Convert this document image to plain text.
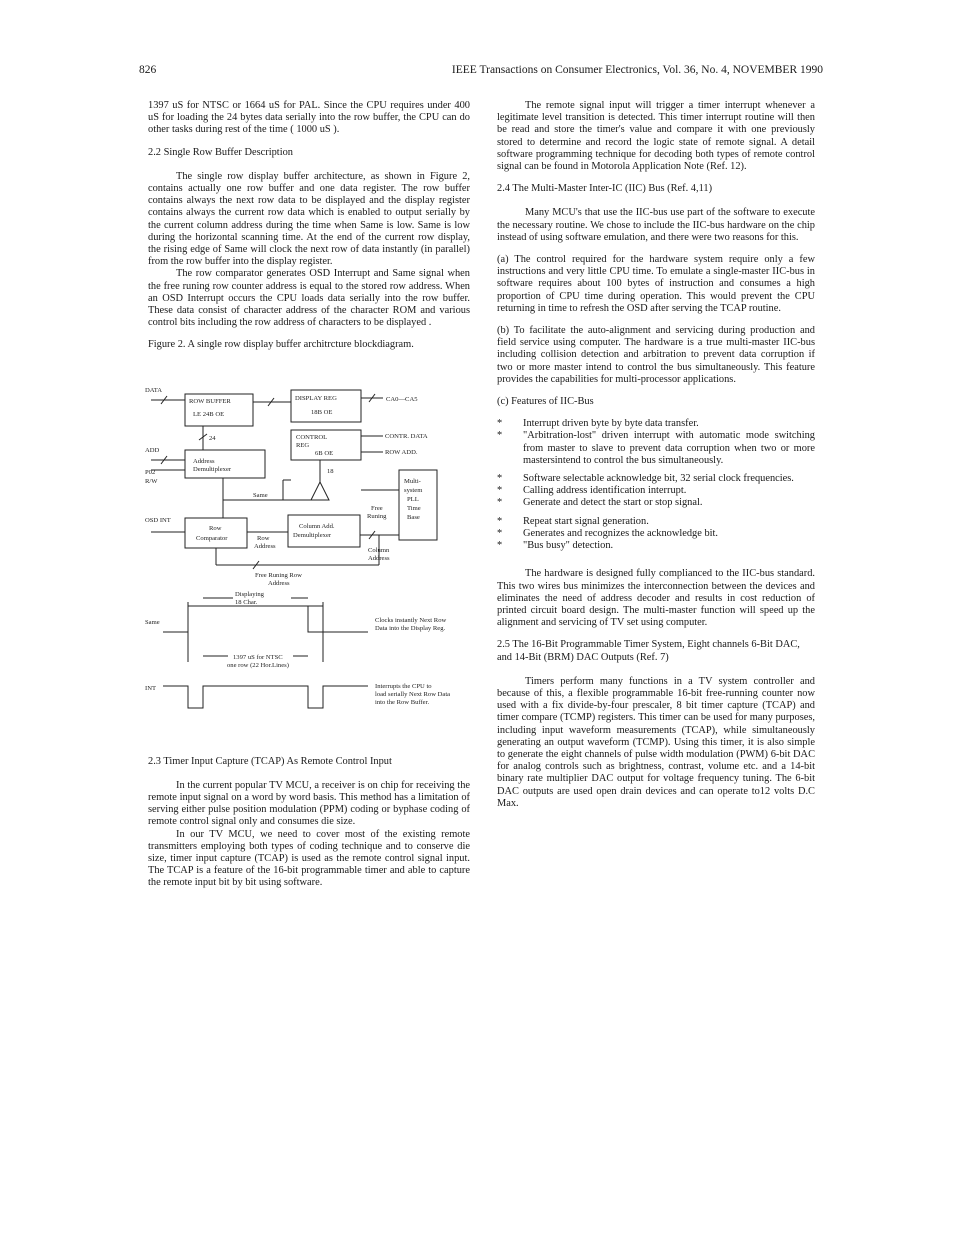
826	IEEE Transactions on Consumer Electronics, Vol. 36, No. 4, NOVEMBER 1990

1397 uS for NTSC or 1664 uS for PAL. Since the CPU requires under 400 uS for loading the 24 bytes data serially into the row buffer, the CPU can do other tasks during rest of the time ( 1000 uS ).

2.2 Single Row Buffer Description

The single row display buffer architecture, as shown in Figure 2, contains actually one row buffer and one data register. The row buffer contains always the next row data to be displayed and the display register contains always the current row data which is enabled to output serially by the current column address during the time when Same is low. Same is low during the horizontal scanning time. At the end of the current row display, the rising edge of Same will clock the next row of data instantly (in parallel) from the row buffer into the display register.

The row comparator generates OSD Interrupt and Same signal when the free runing row counter address is equal to the stored row address. When an OSD Interrupt occurs the CPU loads data serially into the row buffer. These data consist of character address of the character ROM and various control bits including the row address of characters to be displayed .

Figure 2. A single row display buffer architrcture blockdiagram.

DATA
ROW BUFFER
LE 24B OE
DISPLAY REG
18B OE
CA0—CA5
CONTROL
REG
6B OE
CONTR. DATA
ROW ADD.
ADD
24
18
Address
Demultiplexer
P02
R/W
Same
OSD INT
Row
Comparator	Row
Address
Column Add.
Demultiplexer
Free
Runing
Column
Address
Multi-
system
PLL
Time
Base
Free Runing Row
Address
Displaying
18 Char.
Same	Clocks instantly Next Row
Data into the Display Reg.
1397 uS for NTSC
one row (22 Hor.Lines)
INT	Interrupts the CPU to
load serially Next Row Data
into the Row Buffer.
2.3 Timer Input Capture (TCAP) As Remote Control Input

In the current popular TV MCU, a receiver is on chip for receiving the remote input signal on a word by word basis. This method has a limitation of serving either pulse position modulation (PPM) coding or byphase coding of remote control signal only and consumes die size.

In our TV MCU, we need to cover most of the existing remote transmitters employing both types of coding technique and to conserve die size, timer input capture (TCAP) is used as the remote control signal input. The TCAP is a feature of the 16-bit programmable timer and able to capture the remote input bit by bit using software.

The remote signal input will trigger a timer interrupt whenever a legitimate level transition is detected. This timer interrupt routine will then be read and store the timer's value and compare it with one previously stored to determine and record the logic state of remote signal. A detail software programming technique for decoding both types of remote control signal can be found in Motorola Application Note (Ref. 12).

2.4 The Multi-Master Inter-IC (IIC) Bus (Ref. 4,11)

Many MCU's that use the IIC-bus use part of the software to execute the necessary routine. We chose to include the IIC-bus hardware on the chip instead of using software emulation, and there were two reasons for this.

(a) The control required for the hardware system require only a few instructions and very little CPU time. To emulate a single-master IIC-bus in software requires about 100 bytes of instruction and consumes a high proportion of CPU time during operation. This would prevent the CPU returning in time to refresh the OSD after serving the TCAP routine.

(b) To facilitate the auto-alignment and servicing during production and field service using computer. The hardware is a true multi-master IIC-bus including collision detection and arbitration to prevent data corruption if two or more master intend to control the bus simultaneously. This feature provides the capabilities for multi-processor applications.

(c) Features of IIC-Bus

* Interrupt driven byte by byte data transfer.
* "Arbitration-lost" driven interrupt with automatic mode switching from master to slave to prevent data corruption when two or more mastersintend to control the bus simultaneously.
* Software selectable acknowledge bit, 32 serial clock frequencies.
* Calling address identification interrupt.
* Generate and detect the start or stop signal.
* Repeat start signal generation.
* Generates and recognizes the acknowledge bit.
* "Bus busy" detection.

The hardware is designed fully complianced to the IIC-bus standard. This two wires bus minimizes the interconnection between the devices and eliminates the need of address decoder and results in cost reduction of printed circuit board design. The multi-master function will speed up the alignment and servicing of TV set using computer.

2.5 The 16-Bit Programmable Timer System, Eight channels 6-Bit DAC, and 14-Bit (BRM) DAC Outputs (Ref. 7)

Timers perform many functions in a TV system controller and because of this, a flexible programmable 16-bit free-running counter now used with a fix divide-by-four prescaler, 8 bit timer capture (TCAP) and timer compare (TCMP) registers. This timer can be used for many purposes, including input waveform measurements (TCAP), while simultaneously generating an output waveform (TCMP). Using this timer, it is also simple to generate the eight channels of pulse width modulation (PWM) 6-bit DAC for analog controls such as brightness, contrast, volume etc. and a 14-bit binary rate multiplier DAC output for voltage frequency tuning. The 6-bit DAC outputs are used open drain devices and can operate to12 volts D.C Max.
